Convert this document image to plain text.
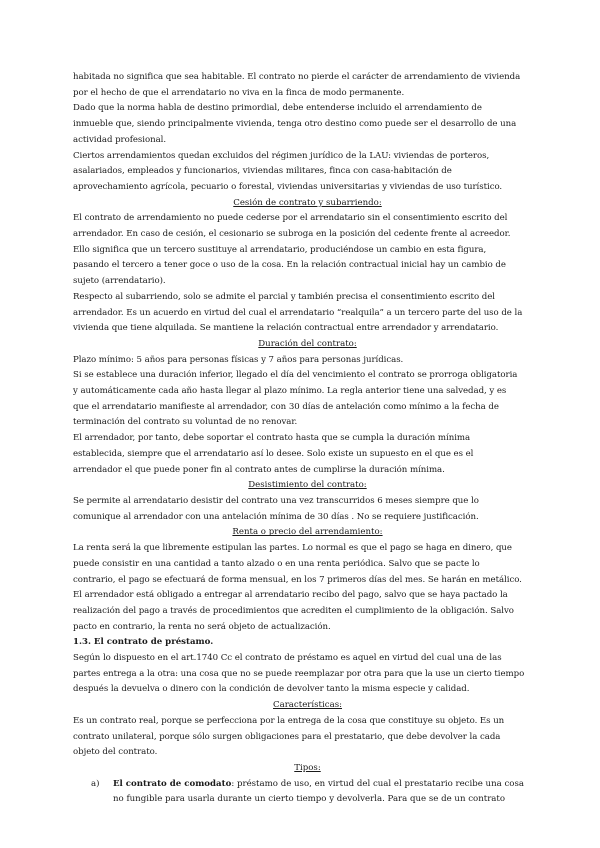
habitada no significa que sea habitable. El contrato no pierde el carácter de arrendamiento de vivienda
por el hecho de que el arrendatario no viva en la finca de modo permanente.

Dado que la norma habla de destino primordial, debe entenderse incluido el arrendamiento de
inmueble que, siendo principalmente vivienda, tenga otro destino como puede ser el desarrollo de una
actividad profesional.

Ciertos arrendamientos quedan excluidos del régimen jurídico de la LAU: viviendas de porteros,
asalariados, empleados y funcionarios, viviendas militares, finca con casa-habitación de
aprovechamiento agrícola, pecuario o forestal, viviendas universitarias y viviendas de uso turístico.

Cesión de contrato y subarriendo:

El contrato de arrendamiento no puede cederse por el arrendatario sin el consentimiento escrito del
arrendador. En caso de cesión, el cesionario se subroga en la posición del cedente frente al acreedor.
Ello significa que un tercero sustituye al arrendatario, produciéndose un cambio en esta figura,
pasando el tercero a tener goce o uso de la cosa. En la relación contractual inicial hay un cambio de
sujeto (arrendatario).

Respecto al subarriendo, solo se admite el parcial y también precisa el consentimiento escrito del
arrendador. Es un acuerdo en virtud del cual el arrendatario “realquila” a un tercero parte del uso de la
vivienda que tiene alquilada. Se mantiene la relación contractual entre arrendador y arrendatario.

Duración del contrato:

Plazo mínimo: 5 años para personas físicas y 7 años para personas jurídicas.

Si se establece una duración inferior, llegado el día del vencimiento el contrato se prorroga obligatoria
y automáticamente cada año hasta llegar al plazo mínimo. La regla anterior tiene una salvedad, y es
que el arrendatario manifieste al arrendador, con 30 días de antelación como mínimo a la fecha de
terminación del contrato su voluntad de no renovar.

El arrendador, por tanto, debe soportar el contrato hasta que se cumpla la duración mínima
establecida, siempre que el arrendatario así lo desee. Solo existe un supuesto en el que es el
arrendador el que puede poner fin al contrato antes de cumplirse la duración mínima.

Desistimiento del contrato:

Se permite al arrendatario desistir del contrato una vez transcurridos 6 meses siempre que lo
comunique al arrendador con una antelación mínima de 30 días . No se requiere justificación.

Renta o precio del arrendamiento:

La renta será la que libremente estipulan las partes. Lo normal es que el pago se haga en dinero, que
puede consistir en una cantidad a tanto alzado o en una renta periódica. Salvo que se pacte lo
contrario, el pago se efectuará de forma mensual, en los 7 primeros días del mes. Se harán en metálico.

El arrendador está obligado a entregar al arrendatario recibo del pago, salvo que se haya pactado la
realización del pago a través de procedimientos que acrediten el cumplimiento de la obligación. Salvo
pacto en contrario, la renta no será objeto de actualización.

1.3. El contrato de préstamo.

Según lo dispuesto en el art.1740 Cc el contrato de préstamo es aquel en virtud del cual una de las
partes entrega a la otra: una cosa que no se puede reemplazar por otra para que la use un cierto tiempo
después la devuelva o dinero con la condición de devolver tanto la misma especie y calidad.

Características:

Es un contrato real, porque se perfecciona por la entrega de la cosa que constituye su objeto. Es un
contrato unilateral, porque sólo surgen obligaciones para el prestatario, que debe devolver la cada
objeto del contrato.

Tipos:

a)	El contrato de comodato: préstamo de uso, en virtud del cual el prestatario recibe una cosa
no fungible para usarla durante un cierto tiempo y devolverla. Para que se de un contrato
